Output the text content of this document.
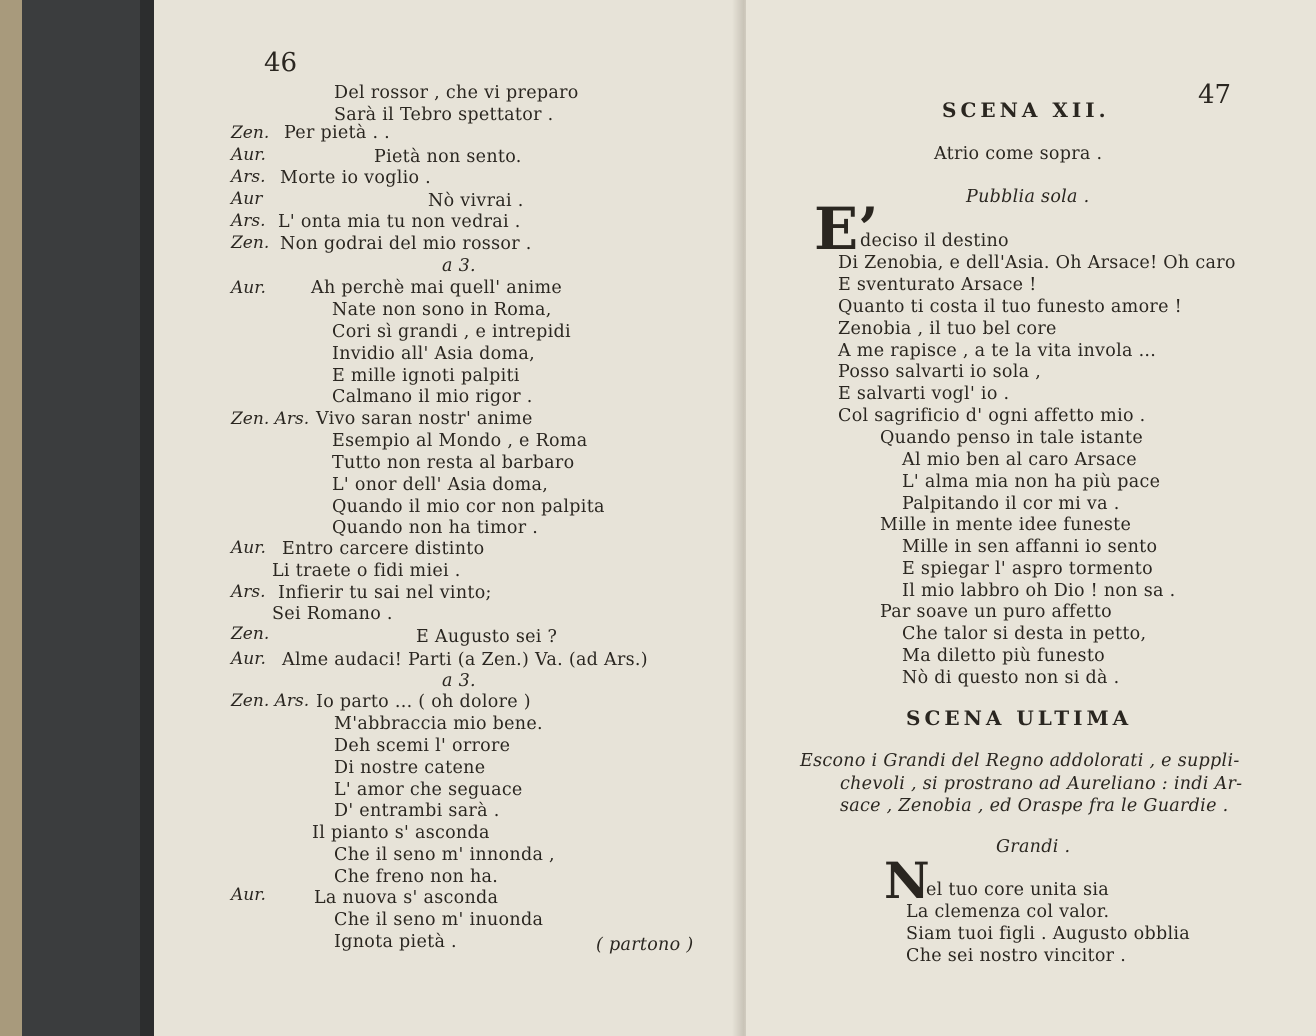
46
Zen.
Aur.
Ars.
Aur
Ars.
Zen.
Aur.
Zen. Ars.
Aur.
Ars.
Zen.
Aur.
Zen. Ars.
Aur.
Del rossor , che vi preparo
Sarà il Tebro spettator .
Per pietà . .
Pietà non sento.
Morte io voglio .
Nò vivrai .
L' onta mia tu non vedrai .
Non godrai del mio rossor .
a 3.
Ah perchè mai quell' anime
Nate non sono in Roma,
Cori sì grandi , e intrepidi
Invidio all' Asia doma,
E mille ignoti palpiti
Calmano il mio rigor .
Vivo saran nostr' anime
Esempio al Mondo , e Roma
Tutto non resta al barbaro
L' onor dell' Asia doma,
Quando il mio cor non palpita
Quando non ha timor .
Entro carcere distinto
Li traete o fidi miei .
Infierir tu sai nel vinto;
Sei Romano .
E Augusto sei ?
Alme audaci! Parti (a Zen.) Va. (ad Ars.)
a 3.
Io parto ... ( oh dolore )
M'abbraccia mio bene.
Deh scemi l' orrore
Di nostre catene
L' amor che seguace
D' entrambi sarà .
Il pianto s' asconda
Che il seno m' innonda ,
Che freno non ha.
La nuova s' asconda
Che il seno m' inuonda
Ignota pietà .	( partono )
47
SCENA XII.
Atrio come sopra .
Pubblia sola .
E’
deciso il destino
Di Zenobia, e dell'Asia. Oh Arsace! Oh caro
E sventurato Arsace !
Quanto ti costa il tuo funesto amore !
Zenobia , il tuo bel core
A me rapisce , a te la vita invola ...
Posso salvarti io sola ,
E salvarti vogl' io .
Col sagrificio d' ogni affetto mio .
Quando penso in tale istante
Al mio ben al caro Arsace
L' alma mia non ha più pace
Palpitando il cor mi va .
Mille in mente idee funeste
Mille in sen affanni io sento
E spiegar l' aspro tormento
Il mio labbro oh Dio ! non sa .
Par soave un puro affetto
Che talor si desta in petto,
Ma diletto più funesto
Nò di questo non si dà .
SCENA ULTIMA
Escono i Grandi del Regno addolorati , e suppli-
chevoli , si prostrano ad Aureliano : indi Ar-
sace , Zenobia , ed Oraspe fra le Guardie .
Grandi .
N
el tuo core unita sia
La clemenza col valor.
Siam tuoi figli . Augusto obblia
Che sei nostro vincitor .
